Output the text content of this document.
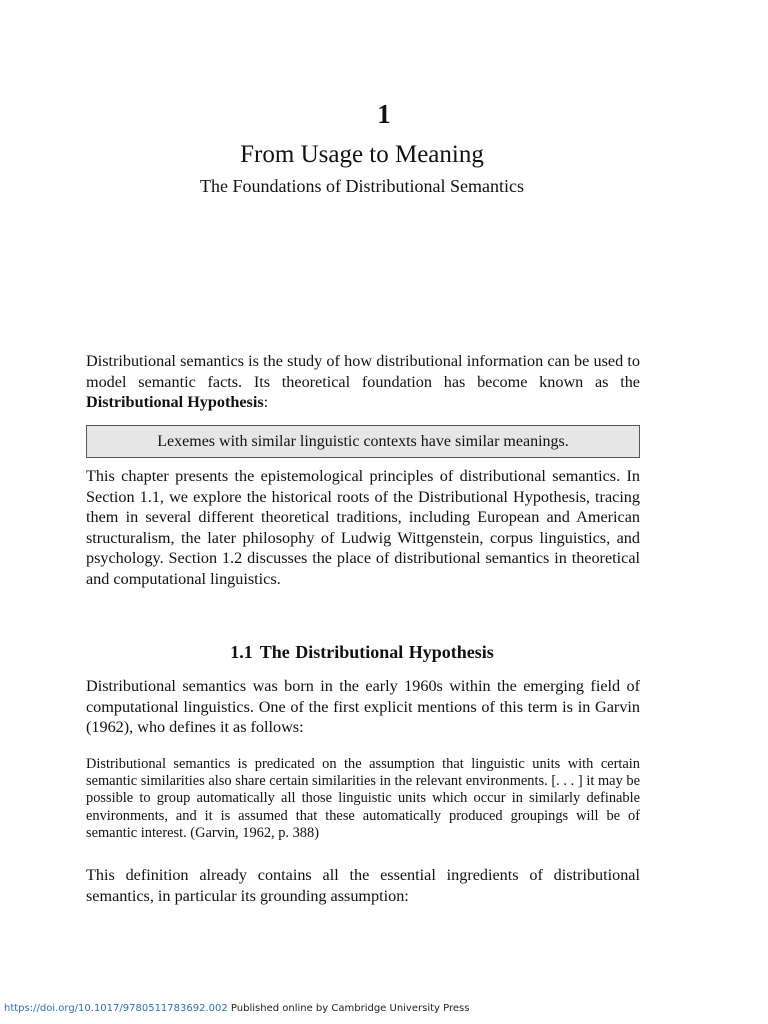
1
From Usage to Meaning
The Foundations of Distributional Semantics

Distributional semantics is the study of how distributional information can be used to model semantic facts. Its theoretical foundation has become known as the Distributional Hypothesis:

Lexemes with similar linguistic contexts have similar meanings.

This chapter presents the epistemological principles of distributional semantics. In Section 1.1, we explore the historical roots of the Distributional Hypothesis, tracing them in several different theoretical traditions, including European and American structuralism, the later philosophy of Ludwig Wittgenstein, corpus linguistics, and psychology. Section 1.2 discusses the place of distributional semantics in theoretical and computational linguistics.

1.1 The Distributional Hypothesis

Distributional semantics was born in the early 1960s within the emerging field of computational linguistics. One of the first explicit mentions of this term is in Garvin (1962), who defines it as follows:

Distributional semantics is predicated on the assumption that linguistic units with certain semantic similarities also share certain similarities in the relevant environments. [. . . ] it may be possible to group automatically all those linguistic units which occur in similarly definable environments, and it is assumed that these automatically produced groupings will be of semantic interest. (Garvin, 1962, p. 388)

This definition already contains all the essential ingredients of distributional semantics, in particular its grounding assumption:

https://doi.org/10.1017/9780511783692.002 Published online by Cambridge University Press
